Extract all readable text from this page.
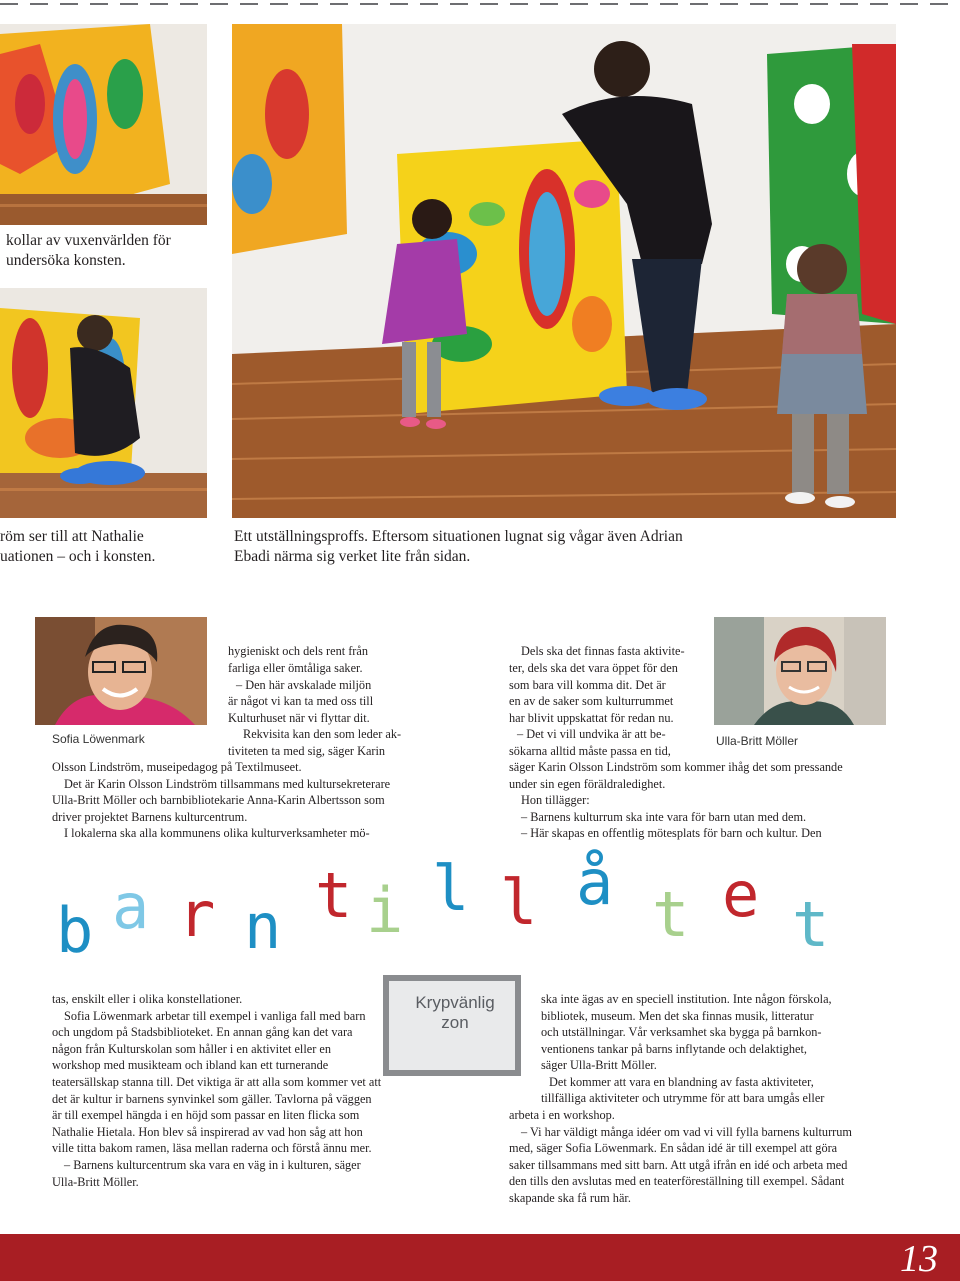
kollar av vuxenvärlden för
undersöka konsten.
röm ser till att Nathalie
uationen – och i konsten.
Ett utställningsproffs. Eftersom situationen lugnat sig vågar även Adrian
Ebadi närma sig verket lite från sidan.
Sofia Löwenmark	Ulla-Britt Möller
hygieniskt och dels rent från
farliga eller ömtåliga saker.
– Den här avskalade miljön
är något vi kan ta med oss till
Kulturhuset när vi flyttar dit.
Rekvisita kan den som leder ak-
tiviteten ta med sig, säger Karin

Olsson Lindström, museipedagog på Textilmuseet.

Det är Karin Olsson Lindström tillsammans med kultursekreterare Ulla-Britt Möller och barnbibliotekarie Anna-Karin Albertsson som driver projektet Barnens kulturcentrum.

I lokalerna ska alla kommunens olika kulturverksamheter mö-

Dels ska det finnas fasta aktivite-
ter, dels ska det vara öppet för den
som bara vill komma dit. Det är
en av de saker som kulturrummet
har blivit uppskattat för redan nu.
– Det vi vill undvika är att be-
sökarna alltid måste passa en tid,

säger Karin Olsson Lindström som kommer ihåg det som pressande under sin egen föräldraledighet.

Hon tillägger:

– Barnens kulturrum ska inte vara för barn utan med dem.

– Här skapas en offentlig mötesplats för barn och kultur. Den

b a r n t i l l å t e t
Krypvänlig zon

tas, enskilt eller i olika konstellationer.

Sofia Löwenmark arbetar till exempel i vanliga fall med barn och ungdom på Stadsbiblioteket. En annan gång kan det vara någon från Kulturskolan som håller i en aktivitet eller en workshop med musikteam och ibland kan ett turnerande teatersällskap stanna till. Det viktiga är att alla som kommer vet att det är kultur ir barnens synvinkel som gäller. Tavlorna på väggen är till exempel hängda i en höjd som passar en liten flicka som Nathalie Hietala. Hon blev så inspirerad av vad hon såg att hon ville titta bakom ramen, läsa mellan raderna och förstå ännu mer.

– Barnens kulturcentrum ska vara en väg in i kulturen, säger Ulla-Britt Möller.

ska inte ägas av en speciell institution. Inte någon förskola,
bibliotek, museum. Men det ska finnas musik, litteratur
och utställningar. Vår verksamhet ska bygga på barnkon-
ventionens tankar på barns inflytande och delaktighet,
säger Ulla-Britt Möller.
Det kommer att vara en blandning av fasta aktiviteter,
tillfälliga aktiviteter och utrymme för att bara umgås eller

arbeta i en workshop.

– Vi har väldigt många idéer om vad vi vill fylla barnens kulturrum med, säger Sofia Löwenmark. En sådan idé är till exempel att göra saker tillsammans med sitt barn. Att utgå ifrån en idé och arbeta med den tills den avslutas med en teaterföreställning till exempel. Sådant skapande ska få rum här.

13
